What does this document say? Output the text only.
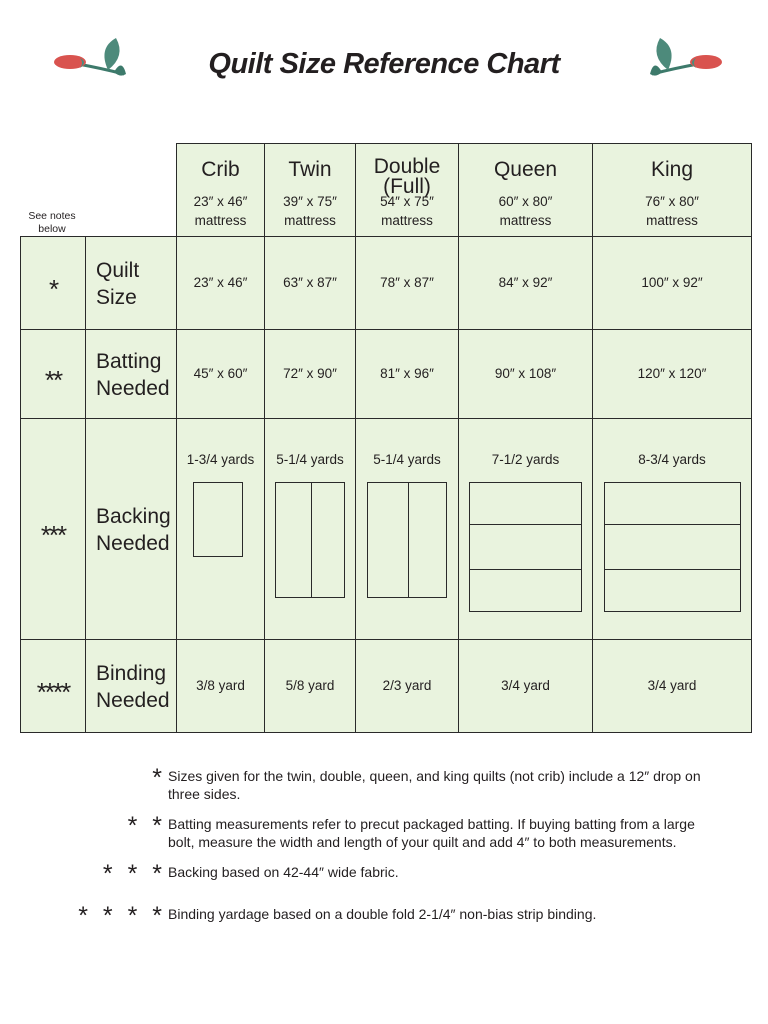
Quilt Size Reference Chart
See notes
below
Crib
23″ x 46″
mattress
Twin
39″ x 75″
mattress
Double
(Full)
54″ x 75″
mattress
Queen
60″ x 80″
mattress
King
76″ x 80″
mattress
*
Quilt
Size
23″ x 46″	63″ x 87″	78″ x 87″	84″ x 92″	100″ x 92″
**
Batting
Needed
45″ x 60″	72″ x 90″	81″ x 96″	90″ x 108″	120″ x 120″
***
Backing
Needed
1-3/4 yards	5-1/4 yards	5-1/4 yards	7-1/2 yards	8-3/4 yards
****
Binding
Needed
3/8 yard	5/8 yard	2/3 yard	3/4 yard	3/4 yard
* Sizes given for the twin, double, queen, and king quilts (not crib) include a 12″ drop on
three sides.
* * Batting measurements refer to precut packaged batting. If buying batting from a large
bolt, measure the width and length of your quilt and add 4″ to both measurements.
* * * Backing based on 42-44″ wide fabric.
* * * * Binding yardage based on a double fold 2-1/4″ non-bias strip binding.
